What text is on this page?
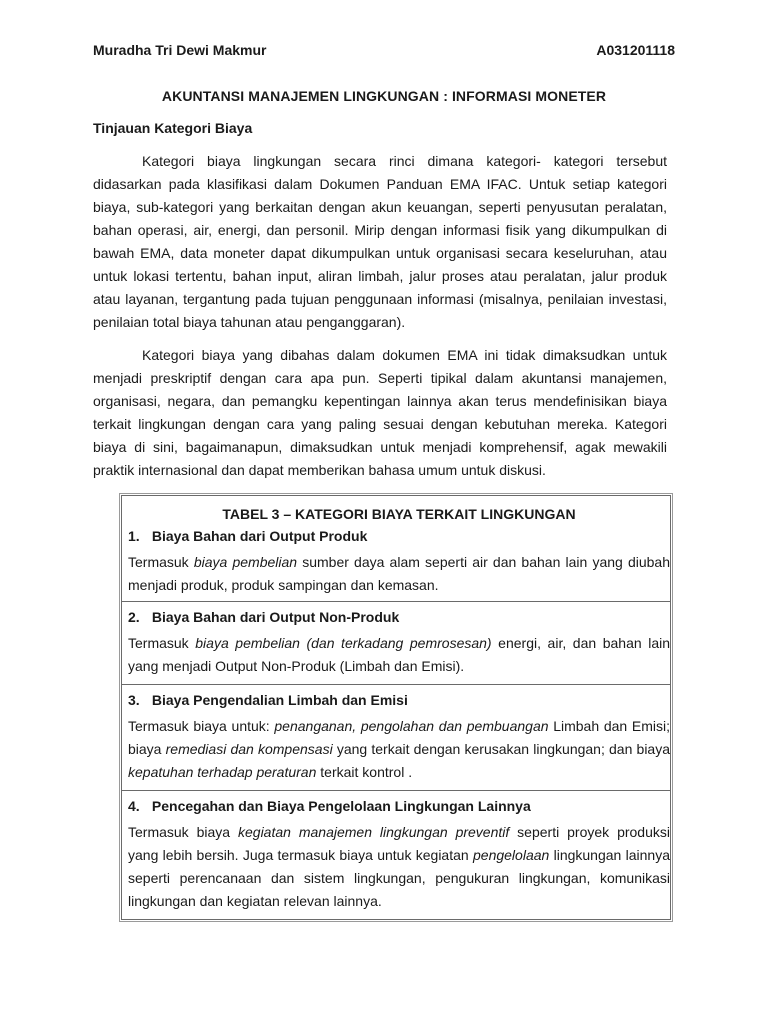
Muradha Tri Dewi Makmur	A031201118
AKUNTANSI MANAJEMEN LINGKUNGAN : INFORMASI MONETER
Tinjauan Kategori Biaya

Kategori biaya lingkungan secara rinci dimana kategori- kategori tersebut didasarkan pada klasifikasi dalam Dokumen Panduan EMA IFAC. Untuk setiap kategori biaya, sub-kategori yang berkaitan dengan akun keuangan, seperti penyusutan peralatan, bahan operasi, air, energi, dan personil. Mirip dengan informasi fisik yang dikumpulkan di bawah EMA, data moneter dapat dikumpulkan untuk organisasi secara keseluruhan, atau untuk lokasi tertentu, bahan input, aliran limbah, jalur proses atau peralatan, jalur produk atau layanan, tergantung pada tujuan penggunaan informasi (misalnya, penilaian investasi, penilaian total biaya tahunan atau penganggaran).

Kategori biaya yang dibahas dalam dokumen EMA ini tidak dimaksudkan untuk menjadi preskriptif dengan cara apa pun. Seperti tipikal dalam akuntansi manajemen, organisasi, negara, dan pemangku kepentingan lainnya akan terus mendefinisikan biaya terkait lingkungan dengan cara yang paling sesuai dengan kebutuhan mereka. Kategori biaya di sini, bagaimanapun, dimaksudkan untuk menjadi komprehensif, agak mewakili praktik internasional dan dapat memberikan bahasa umum untuk diskusi.

TABEL 3 – KATEGORI BIAYA TERKAIT LINGKUNGAN
1. Biaya Bahan dari Output Produk
Termasuk biaya pembelian sumber daya alam seperti air dan bahan lain yang diubah menjadi produk, produk sampingan dan kemasan.

2. Biaya Bahan dari Output Non-Produk
Termasuk biaya pembelian (dan terkadang pemrosesan) energi, air, dan bahan lain yang menjadi Output Non-Produk (Limbah dan Emisi).

3. Biaya Pengendalian Limbah dan Emisi
Termasuk biaya untuk: penanganan, pengolahan dan pembuangan Limbah dan Emisi; biaya remediasi dan kompensasi yang terkait dengan kerusakan lingkungan; dan biaya kepatuhan terhadap peraturan terkait kontrol .

4. Pencegahan dan Biaya Pengelolaan Lingkungan Lainnya
Termasuk biaya kegiatan manajemen lingkungan preventif seperti proyek produksi yang lebih bersih. Juga termasuk biaya untuk kegiatan pengelolaan lingkungan lainnya seperti perencanaan dan sistem lingkungan, pengukuran lingkungan, komunikasi lingkungan dan kegiatan relevan lainnya.
